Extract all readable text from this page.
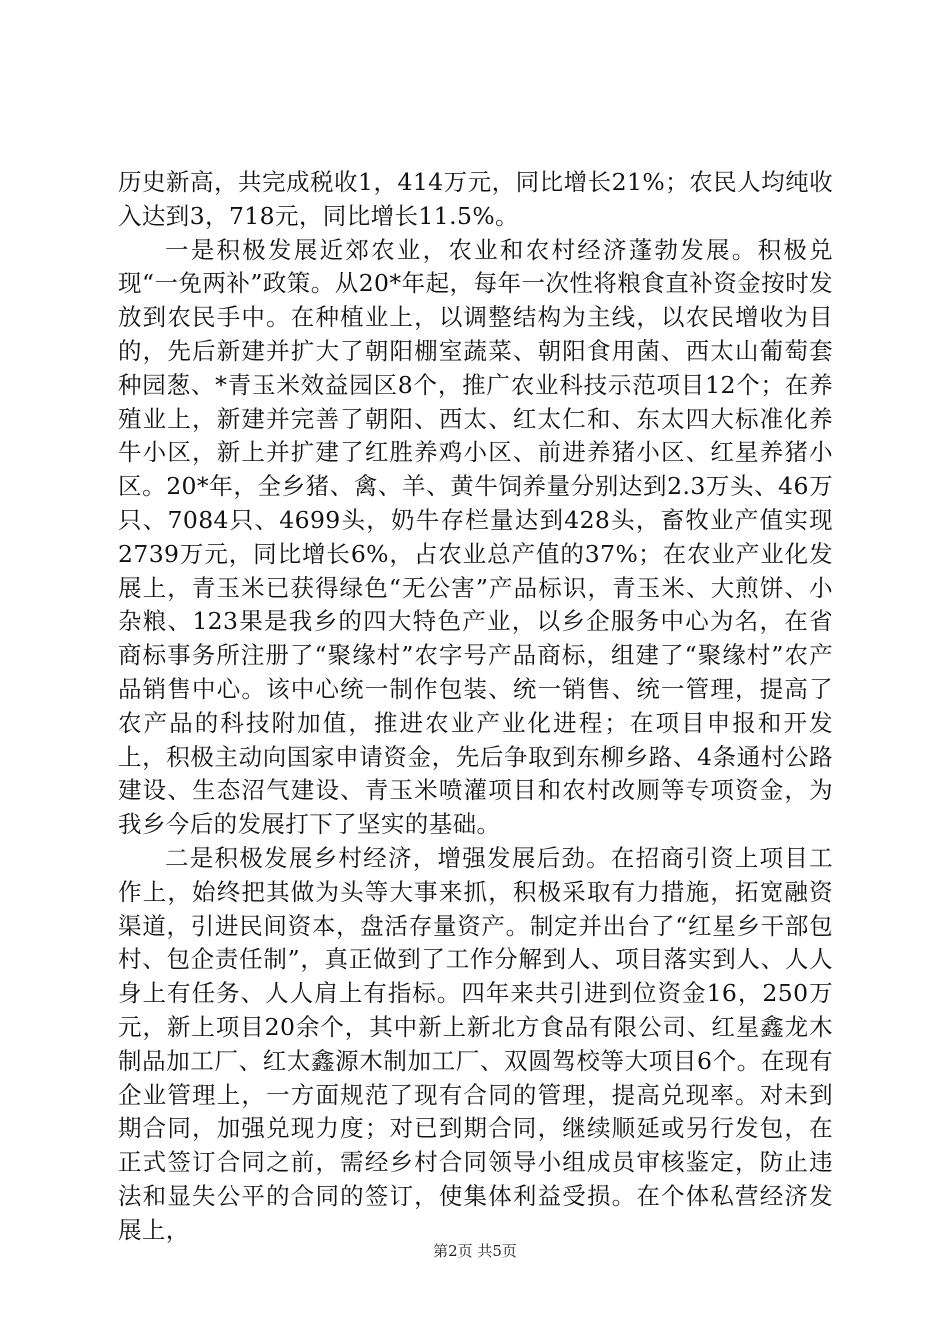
历史新高，共完成税收1，414万元，同比增长21%；农民人均纯收入达到3，718元，同比增长11.5%。

一是积极发展近郊农业，农业和农村经济蓬勃发展。积极兑现“一免两补”政策。从20*年起，每年一次性将粮食直补资金按时发放到农民手中。在种植业上，以调整结构为主线，以农民增收为目的，先后新建并扩大了朝阳棚室蔬菜、朝阳食用菌、西太山葡萄套种园葱、*青玉米效益园区8个，推广农业科技示范项目12个；在养殖业上，新建并完善了朝阳、西太、红太仁和、东太四大标准化养牛小区，新上并扩建了红胜养鸡小区、前进养猪小区、红星养猪小区。20*年，全乡猪、禽、羊、黄牛饲养量分别达到2.3万头、46万只、7084只、4699头，奶牛存栏量达到428头，畜牧业产值实现2739万元，同比增长6%，占农业总产值的37%；在农业产业化发展上，青玉米已获得绿色“无公害”产品标识，青玉米、大煎饼、小杂粮、123果是我乡的四大特色产业，以乡企服务中心为名，在省商标事务所注册了“聚缘村”农字号产品商标，组建了“聚缘村”农产品销售中心。该中心统一制作包装、统一销售、统一管理，提高了农产品的科技附加值，推进农业产业化进程；在项目申报和开发上，积极主动向国家申请资金，先后争取到东柳乡路、4条通村公路建设、生态沼气建设、青玉米喷灌项目和农村改厕等专项资金，为我乡今后的发展打下了坚实的基础。

二是积极发展乡村经济，增强发展后劲。在招商引资上项目工作上，始终把其做为头等大事来抓，积极采取有力措施，拓宽融资渠道，引进民间资本，盘活存量资产。制定并出台了“红星乡干部包村、包企责任制”，真正做到了工作分解到人、项目落实到人、人人身上有任务、人人肩上有指标。四年来共引进到位资金16，250万元，新上项目20余个，其中新上新北方食品有限公司、红星鑫龙木制品加工厂、红太鑫源木制加工厂、双圆驾校等大项目6个。在现有企业管理上，一方面规范了现有合同的管理，提高兑现率。对未到期合同，加强兑现力度；对已到期合同，继续顺延或另行发包，在正式签订合同之前，需经乡村合同领导小组成员审核鉴定，防止违法和显失公平的合同的签订，使集体利益受损。在个体私营经济发展上，

第2页 共5页
